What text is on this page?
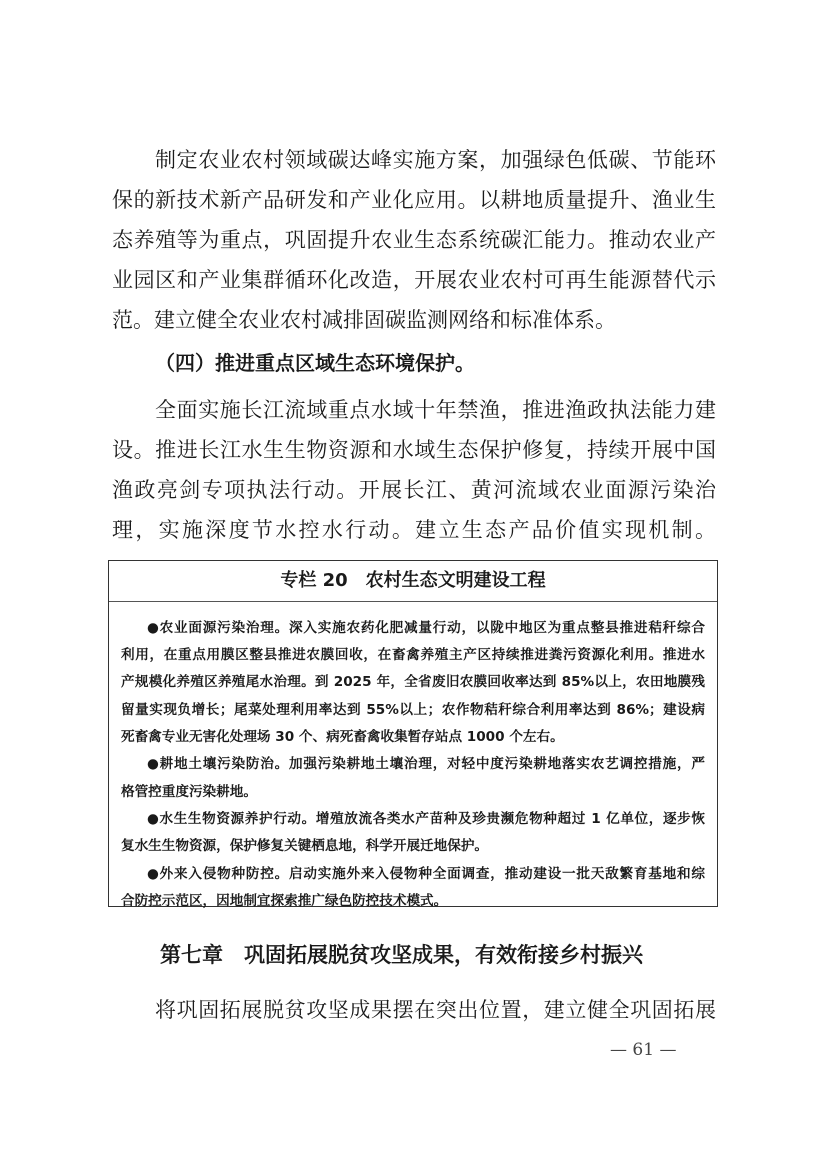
制定农业农村领域碳达峰实施方案，加强绿色低碳、节能环
保的新技术新产品研发和产业化应用。以耕地质量提升、渔业生
态养殖等为重点，巩固提升农业生态系统碳汇能力。推动农业产
业园区和产业集群循环化改造，开展农业农村可再生能源替代示
范。建立健全农业农村减排固碳监测网络和标准体系。
（四）推进重点区域生态环境保护。
全面实施长江流域重点水域十年禁渔，推进渔政执法能力建
设。推进长江水生生物资源和水域生态保护修复，持续开展中国
渔政亮剑专项执法行动。开展长江、黄河流域农业面源污染治
理，实施深度节水控水行动。建立生态产品价值实现机制。
专栏 20　农村生态文明建设工程
●农业面源污染治理。深入实施农药化肥减量行动，以陇中地区为重点整县推进秸秆综合
利用，在重点用膜区整县推进农膜回收，在畜禽养殖主产区持续推进粪污资源化利用。推进水
产规模化养殖区养殖尾水治理。到 2025 年，全省废旧农膜回收率达到 85%以上，农田地膜残
留量实现负增长；尾菜处理利用率达到 55%以上；农作物秸秆综合利用率达到 86%；建设病
死畜禽专业无害化处理场 30 个、病死畜禽收集暂存站点 1000 个左右。
●耕地土壤污染防治。加强污染耕地土壤治理，对轻中度污染耕地落实农艺调控措施，严
格管控重度污染耕地。
●水生生物资源养护行动。增殖放流各类水产苗种及珍贵濒危物种超过 1 亿单位，逐步恢
复水生生物资源，保护修复关键栖息地，科学开展迁地保护。
●外来入侵物种防控。启动实施外来入侵物种全面调查，推动建设一批天敌繁育基地和综
合防控示范区，因地制宜探索推广绿色防控技术模式。
第七章　巩固拓展脱贫攻坚成果，有效衔接乡村振兴
将巩固拓展脱贫攻坚成果摆在突出位置，建立健全巩固拓展
— 61 —
